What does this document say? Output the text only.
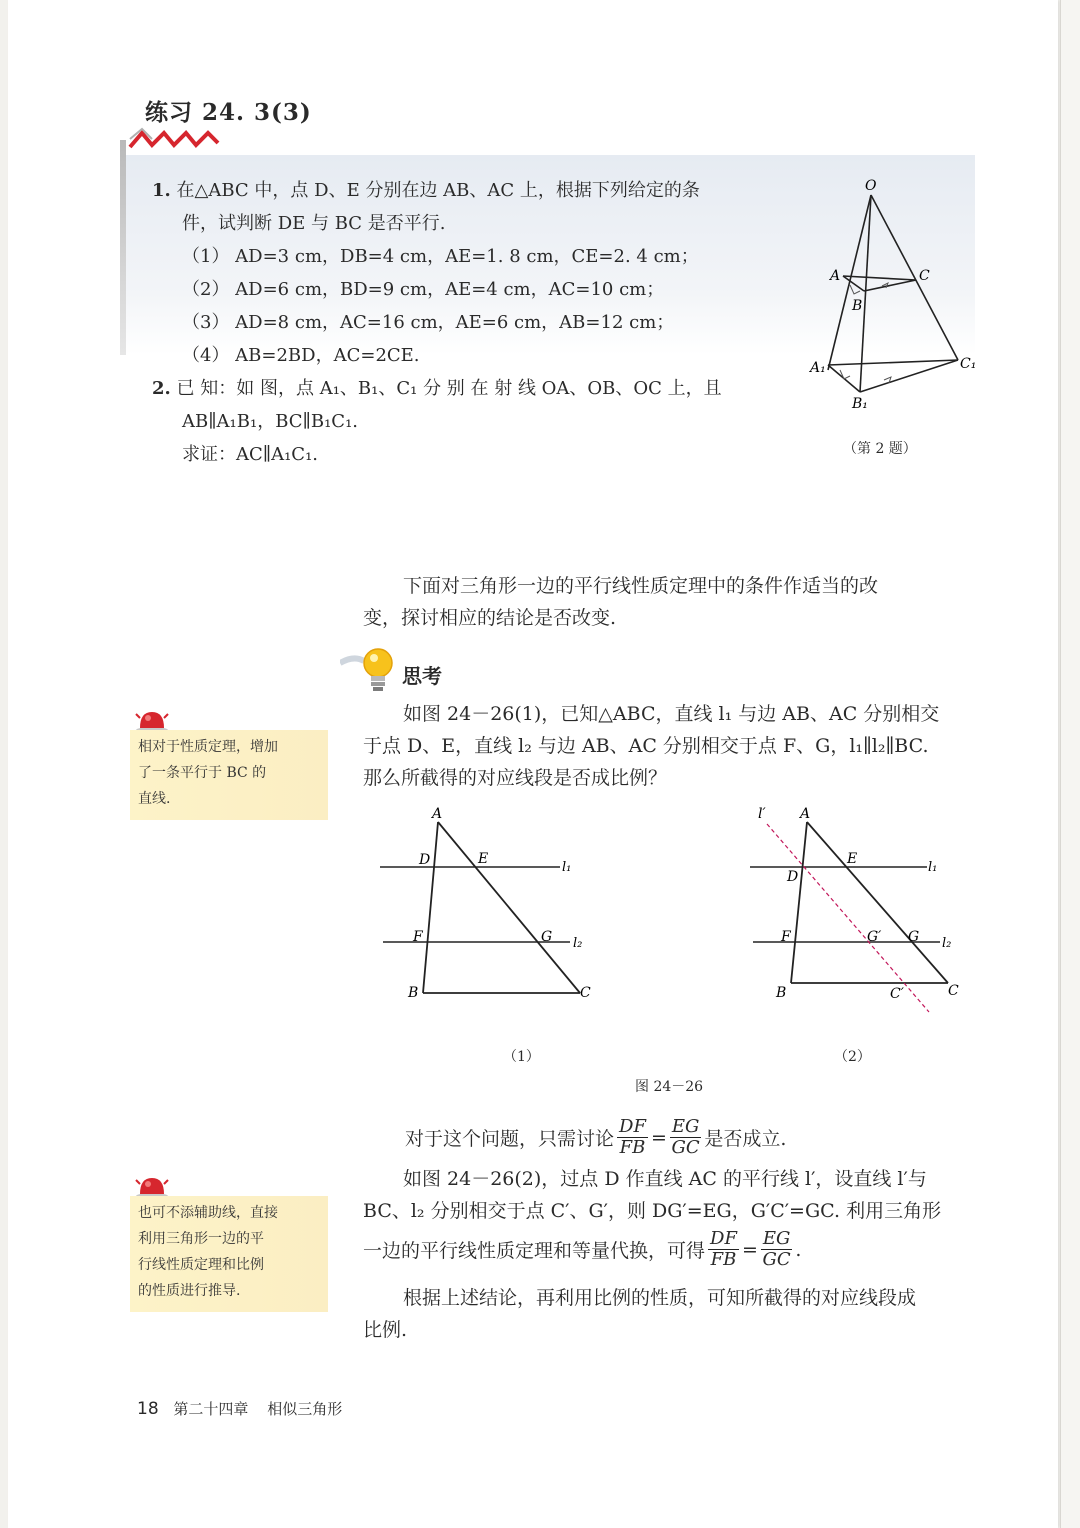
练习 24. 3(3)
1. 在△ABC 中，点 D、E 分别在边 AB、AC 上，根据下列给定的条
件，试判断 DE 与 BC 是否平行.
（1） AD=3 cm，DB=4 cm，AE=1. 8 cm，CE=2. 4 cm；
（2） AD=6 cm，BD=9 cm，AE=4 cm，AC=10 cm；
（3） AD=8 cm，AC=16 cm，AE=6 cm，AB=12 cm；
（4） AB=2BD，AC=2CE.
2. 已 知：如 图，点 A₁、B₁、C₁ 分 别 在 射 线 OA、OB、OC 上，且
AB∥A₁B₁，BC∥B₁C₁.
求证：AC∥A₁C₁.
O
A
B
C
A₁
B₁
C₁
（第 2 题）
下面对三角形一边的平行线性质定理中的条件作适当的改
变，探讨相应的结论是否改变.
思考
如图 24－26(1)，已知△ABC，直线 l₁ 与边 AB、AC 分别相交
于点 D、E，直线 l₂ 与边 AB、AC 分别相交于点 F、G，l₁∥l₂∥BC.
那么所截得的对应线段是否成比例？
相对于性质定理，增加
了一条平行于 BC 的
直线.
A
D	E
l₁
F	G l₂
B	C
l′ A
D
E
l₁
F	G′ G l₂
B	C′	C
（1）	（2）
图 24－26
对于这个问题，只需讨论 $\frac{DF}{FB} = \frac{EG}{GC}$ 是否成立.
如图 24－26(2)，过点 D 作直线 AC 的平行线 l′，设直线 l′与
BC、l₂ 分别相交于点 C′、G′，则 DG′=EG，G′C′=GC. 利用三角形
一边的平行线性质定理和等量代换，可得 $\frac{DF}{FB} = \frac{EG}{GC}$ .
根据上述结论，再利用比例的性质，可知所截得的对应线段成
比例.
也可不添辅助线，直接
利用三角形一边的平
行线性质定理和比例
的性质进行推导.
18 第二十四章 相似三角形
